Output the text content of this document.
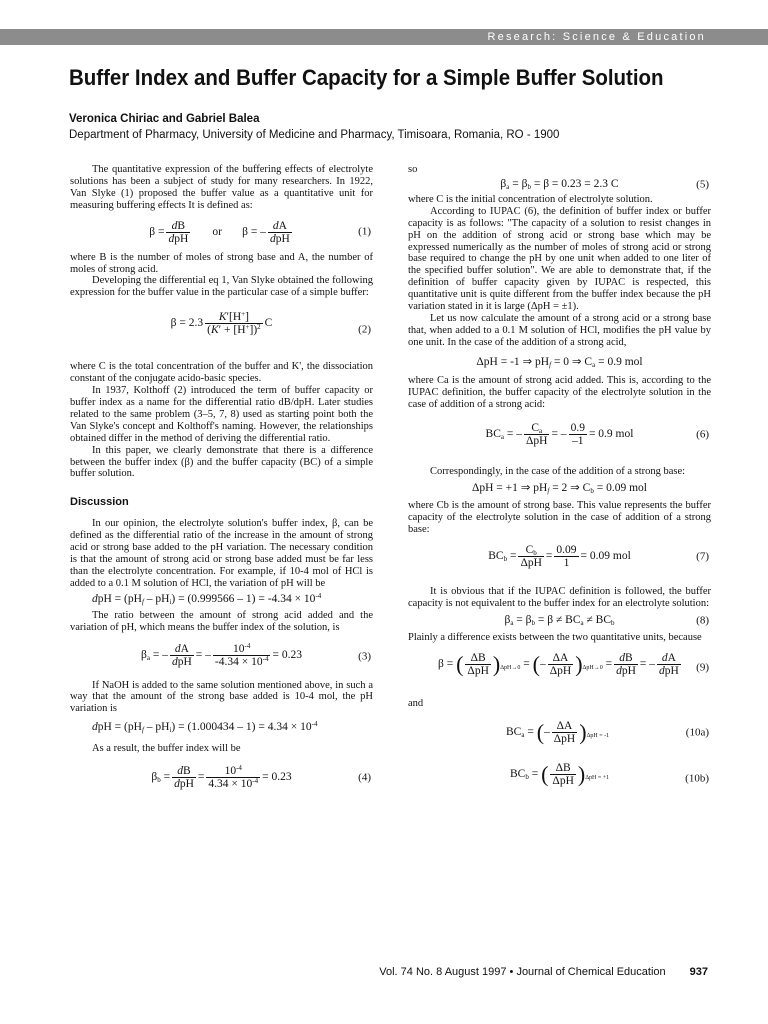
Research: Science & Education
Buffer Index and Buffer Capacity for a Simple Buffer Solution
Veronica Chiriac and Gabriel Balea
Department of Pharmacy, University of Medicine and Pharmacy, Timisoara, Romania, RO - 1900

The quantitative expression of the buffering effects of electrolyte solutions has been a subject of study for many researchers. In 1922, Van Slyke (1) proposed the buffer value as a quantitative unit for measuring buffering effects It is defined as:

$\beta = \frac{dB}{\text{dpH}}$ or       β = – $\frac{dA}{\text{dpH}}$	(1)

where B is the number of moles of strong base and A, the number of moles of strong acid.

Developing the differential eq 1, Van Slyke obtained the following expression for the buffer value in the particular case of a simple buffer:

$\beta = 2.3 \frac{K'[H^+]}{(K' + [H^+])^2}$ C
(2)

where C is the total concentration of the buffer and K', the dissociation constant of the conjugate acido-basic species.

In 1937, Kolthoff (2) introduced the term of buffer capacity or buffer index as a name for the differential ratio dB/dpH. Later studies related to the same problem (3–5, 7, 8) used as starting point both the Van Slyke's concept and Kolthoff's naming. However, the relationships obtained differ in the method of deriving the differential ratio.

In this paper, we clearly demonstrate that there is a difference between the buffer index (β) and the buffer capacity (BC) of a simple buffer solution.

Discussion

In our opinion, the electrolyte solution's buffer index, β, can be defined as the differential ratio of the increase in the amount of strong acid or strong base added to the pH variation. The necessary condition is that the amount of strong acid or strong base added must be far less than the electrolyte concentration. For example, if 10-4 mol of HCl is added to a 0.1 M solution of HCl, the variation of pH will be

dpH = $(pH_f - pH_i) = (0.999566 - 1) = -4.34 \times 10^{-4}$

The ratio between the amount of strong acid added and the variation of pH, which means the buffer index of the solution, is

$\beta_a$ = – $\frac{dA}{\text{dpH}}$ = – $\frac{10^{-4}}{-4.34 \times 10^{-4}} = 0.23$	(3)

If NaOH is added to the same solution mentioned above, in such a way that the amount of the strong base added is 10-4 mol, the pH variation is

dpH = $(pH_f - pH_i) = (1.000434 - 1) = 4.34 \times 10^{-4}$

As a result, the buffer index will be

$\beta_b = \frac{dB}{\text{dpH}} = \frac{10^{-4}}{4.34 \times 10^{-4}} = 0.23$	(4)

so

$\beta_a = \beta_b = \beta = 0.23 = 2.3$ C	(5)

where C is the initial concentration of electrolyte solution.

According to IUPAC (6), the definition of buffer index or buffer capacity is as follows: "The capacity of a solution to resist changes in pH on the addition of strong acid or strong base which may be expressed numerically as the number of moles of strong acid or strong base required to change the pH by one unit when added to one liter of the specified buffer solution". We are able to demonstrate that, if the definition of buffer capacity given by IUPAC is respected, this quantitative unit is quite different from the buffer index because the pH variation stated in it is large (ΔpH = ±1).

Let us now calculate the amount of a strong acid or a strong base that, when added to a 0.1 M solution of HCl, modifies the pH value by one unit. In the case of the addition of a strong acid,

ΔpH = -1 ⇒ $pH_f = 0$ ⇒ $C_a = 0.9$ mol

where Ca is the amount of strong acid added. This is, according to the IUPAC definition, the buffer capacity of the electrolyte solution in the case of addition of a strong acid:

$BC_a$ = – $\frac{C_a}{\text{ΔpH}}$ = – $\frac{0.9}{-1} = 0.9$ mol	(6)

Correspondingly, in the case of the addition of a strong base:

ΔpH = +1 ⇒ $pH_f = 2$ ⇒ $C_b = 0.09$ mol

where Cb is the amount of strong base. This value represents the buffer capacity of the electrolyte solution in the case of addition of a strong base:

$BC_b = \frac{C_b}{\text{ΔpH}} = \frac{0.09}{1} = 0.09$ mol	(7)

It is obvious that if the IUPAC definition is followed, the buffer capacity is not equivalent to the buffer index for an electrolyte solution:

$\beta_a = \beta_b = \beta \ne BC_a \ne BC_b$	(8)

Plainly a difference exists between the two quantitative units, because

β = ( $\frac{\Delta B}{\text{ΔpH}} )_{\Delta pH\to 0}$ = (– $\frac{\Delta A}{\text{ΔpH}} )_{\Delta pH\to 0} = \frac{dB}{\text{dpH}}$ = – $\frac{dA}{\text{dpH}} (9)$

and

$BC_a$ = (– $\frac{\Delta A}{\text{ΔpH}} )_{\Delta pH = -1}$	(10a)
$BC_b$ = ( $\frac{\Delta B}{\text{ΔpH}} )_{\Delta pH = +1}$	(10b)
Vol. 74 No. 8 August 1997 • Journal of Chemical Education 937
